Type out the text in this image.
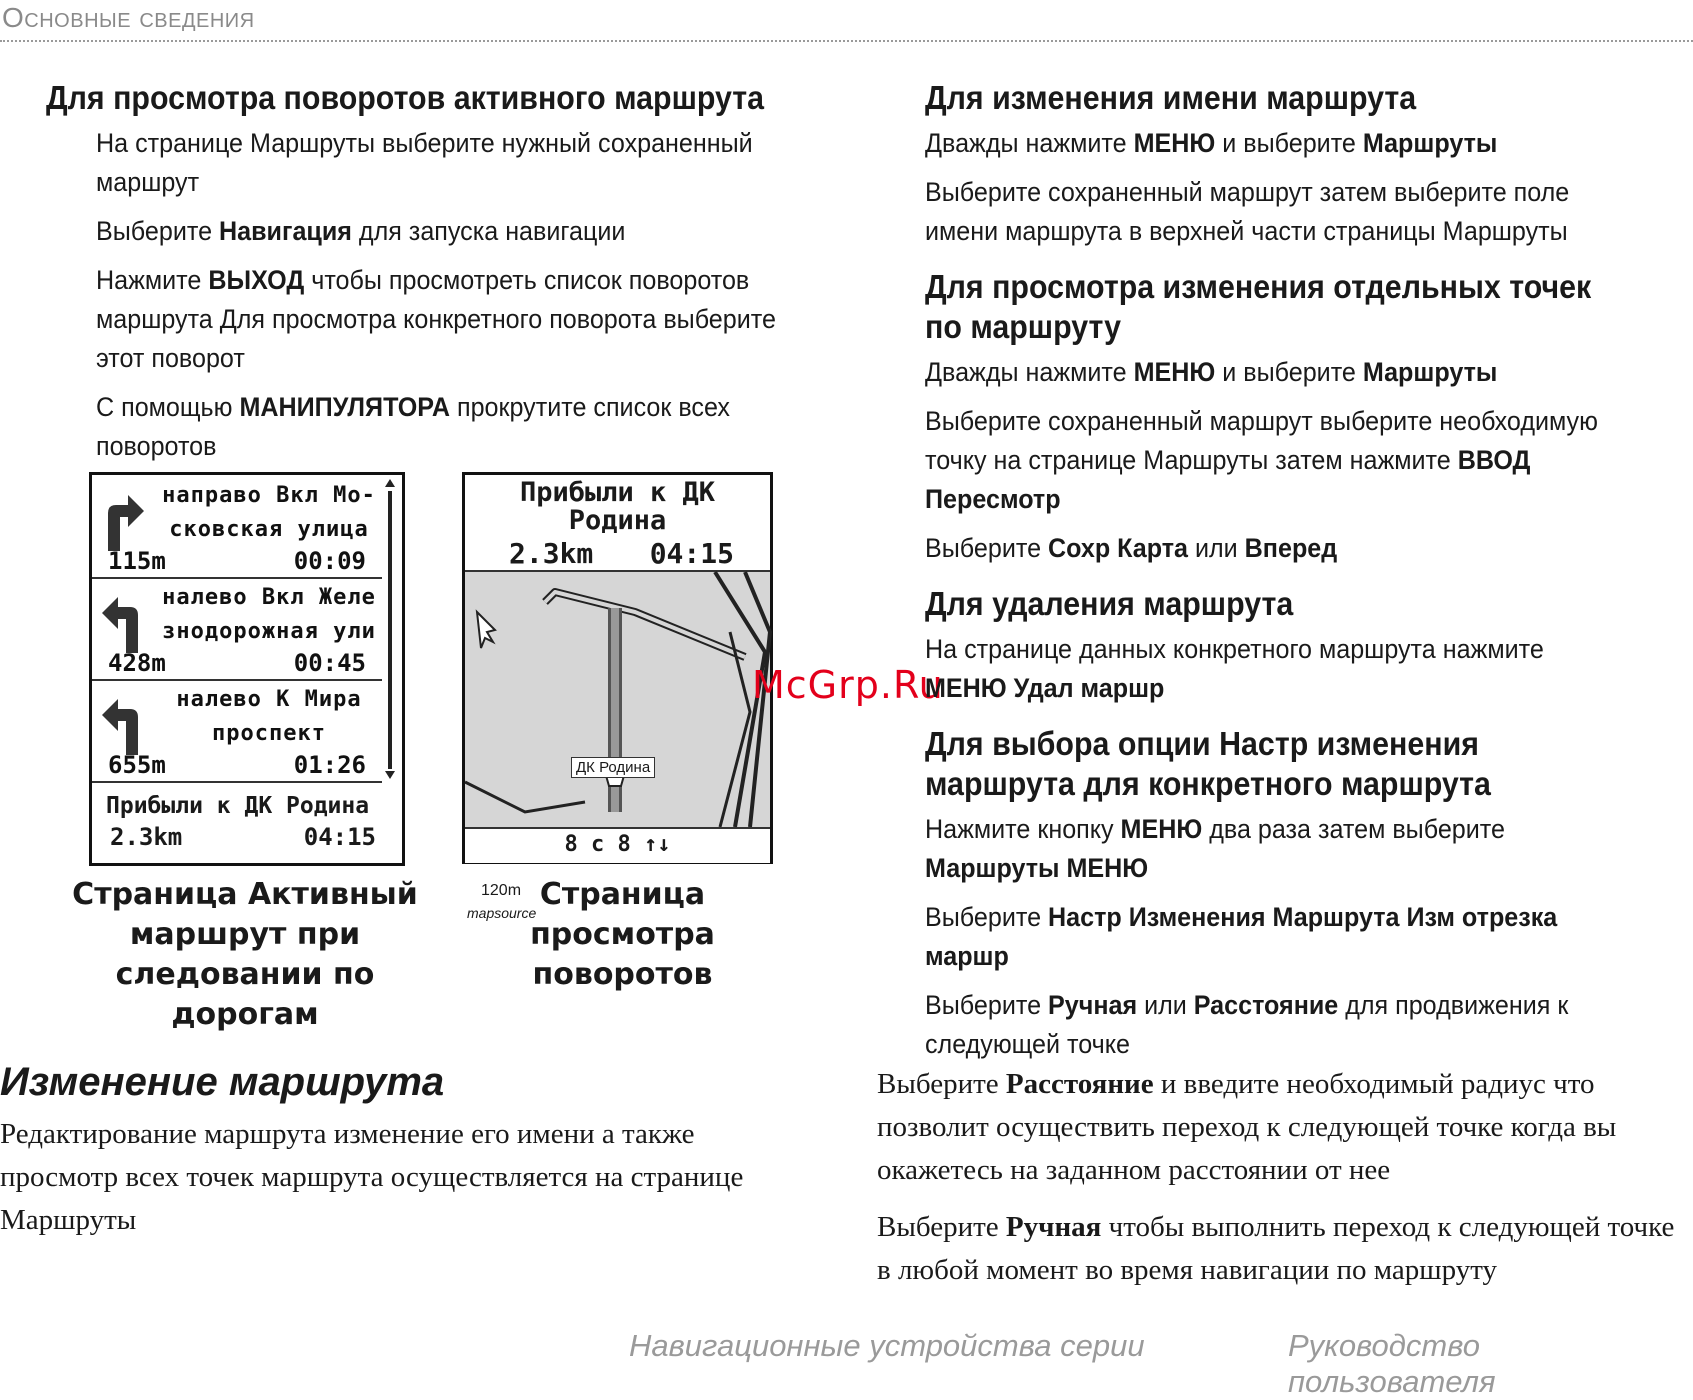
Основные сведения
Для просмотра поворотов активного маршрута
На странице Маршруты выберите нужный сохраненный маршрут
Выберите Навигация для запуска навигации
Нажмите ВЫХОД чтобы просмотреть список поворотов маршрута Для просмотра конкретного поворота выберите этот поворот
С помощью МАНИПУЛЯТОРА прокрутите список всех поворотов
направо Вкл Мо-
сковская улица
115m	00:09
налево Вкл Желе
знодорожная ули
428m	00:45
налево К Мира
проспект
655m	01:26
Прибыли к ДК Родина
2.3km	04:15
Прибыли к ДК
Родина
2.3km 04:15
ДК Родина
120m
mapsource
8 с 8 ↑↓
Страница Активный маршрут при следовании по дорогам
Страница просмотра поворотов
McGrp.Ru
Для изменения имени маршрута
Дважды нажмите МЕНЮ и выберите Маршруты
Выберите сохраненный маршрут затем выберите поле имени маршрута в верхней части страницы Маршруты
Для просмотра изменения отдельных точек по маршруту
Дважды нажмите МЕНЮ и выберите Маршруты
Выберите сохраненный маршрут выберите необходимую точку на странице Маршруты затем нажмите ВВОД Пересмотр
Выберите Сохр Карта или Вперед
Для удаления маршрута
На странице данных конкретного маршрута нажмите МЕНЮ Удал маршр
Для выбора опции Настр изменения маршрута для конкретного маршрута
Нажмите кнопку МЕНЮ два раза затем выберите Маршруты МЕНЮ
Выберите Настр Изменения Маршрута Изм отрезка маршр
Выберите Ручная или Расстояние для продвижения к следующей точке
Изменение маршрута
Редактирование маршрута изменение его имени а также просмотр всех точек маршрута осуществляется на странице Маршруты

Выберите Расстояние и введите необходимый радиус что позволит осуществить переход к следующей точке когда вы окажетесь на заданном расстоянии от нее

Выберите Ручная чтобы выполнить переход к следующей точке в любой момент во время навигации по маршруту

Навигационные устройства серии	Руководство пользователя
